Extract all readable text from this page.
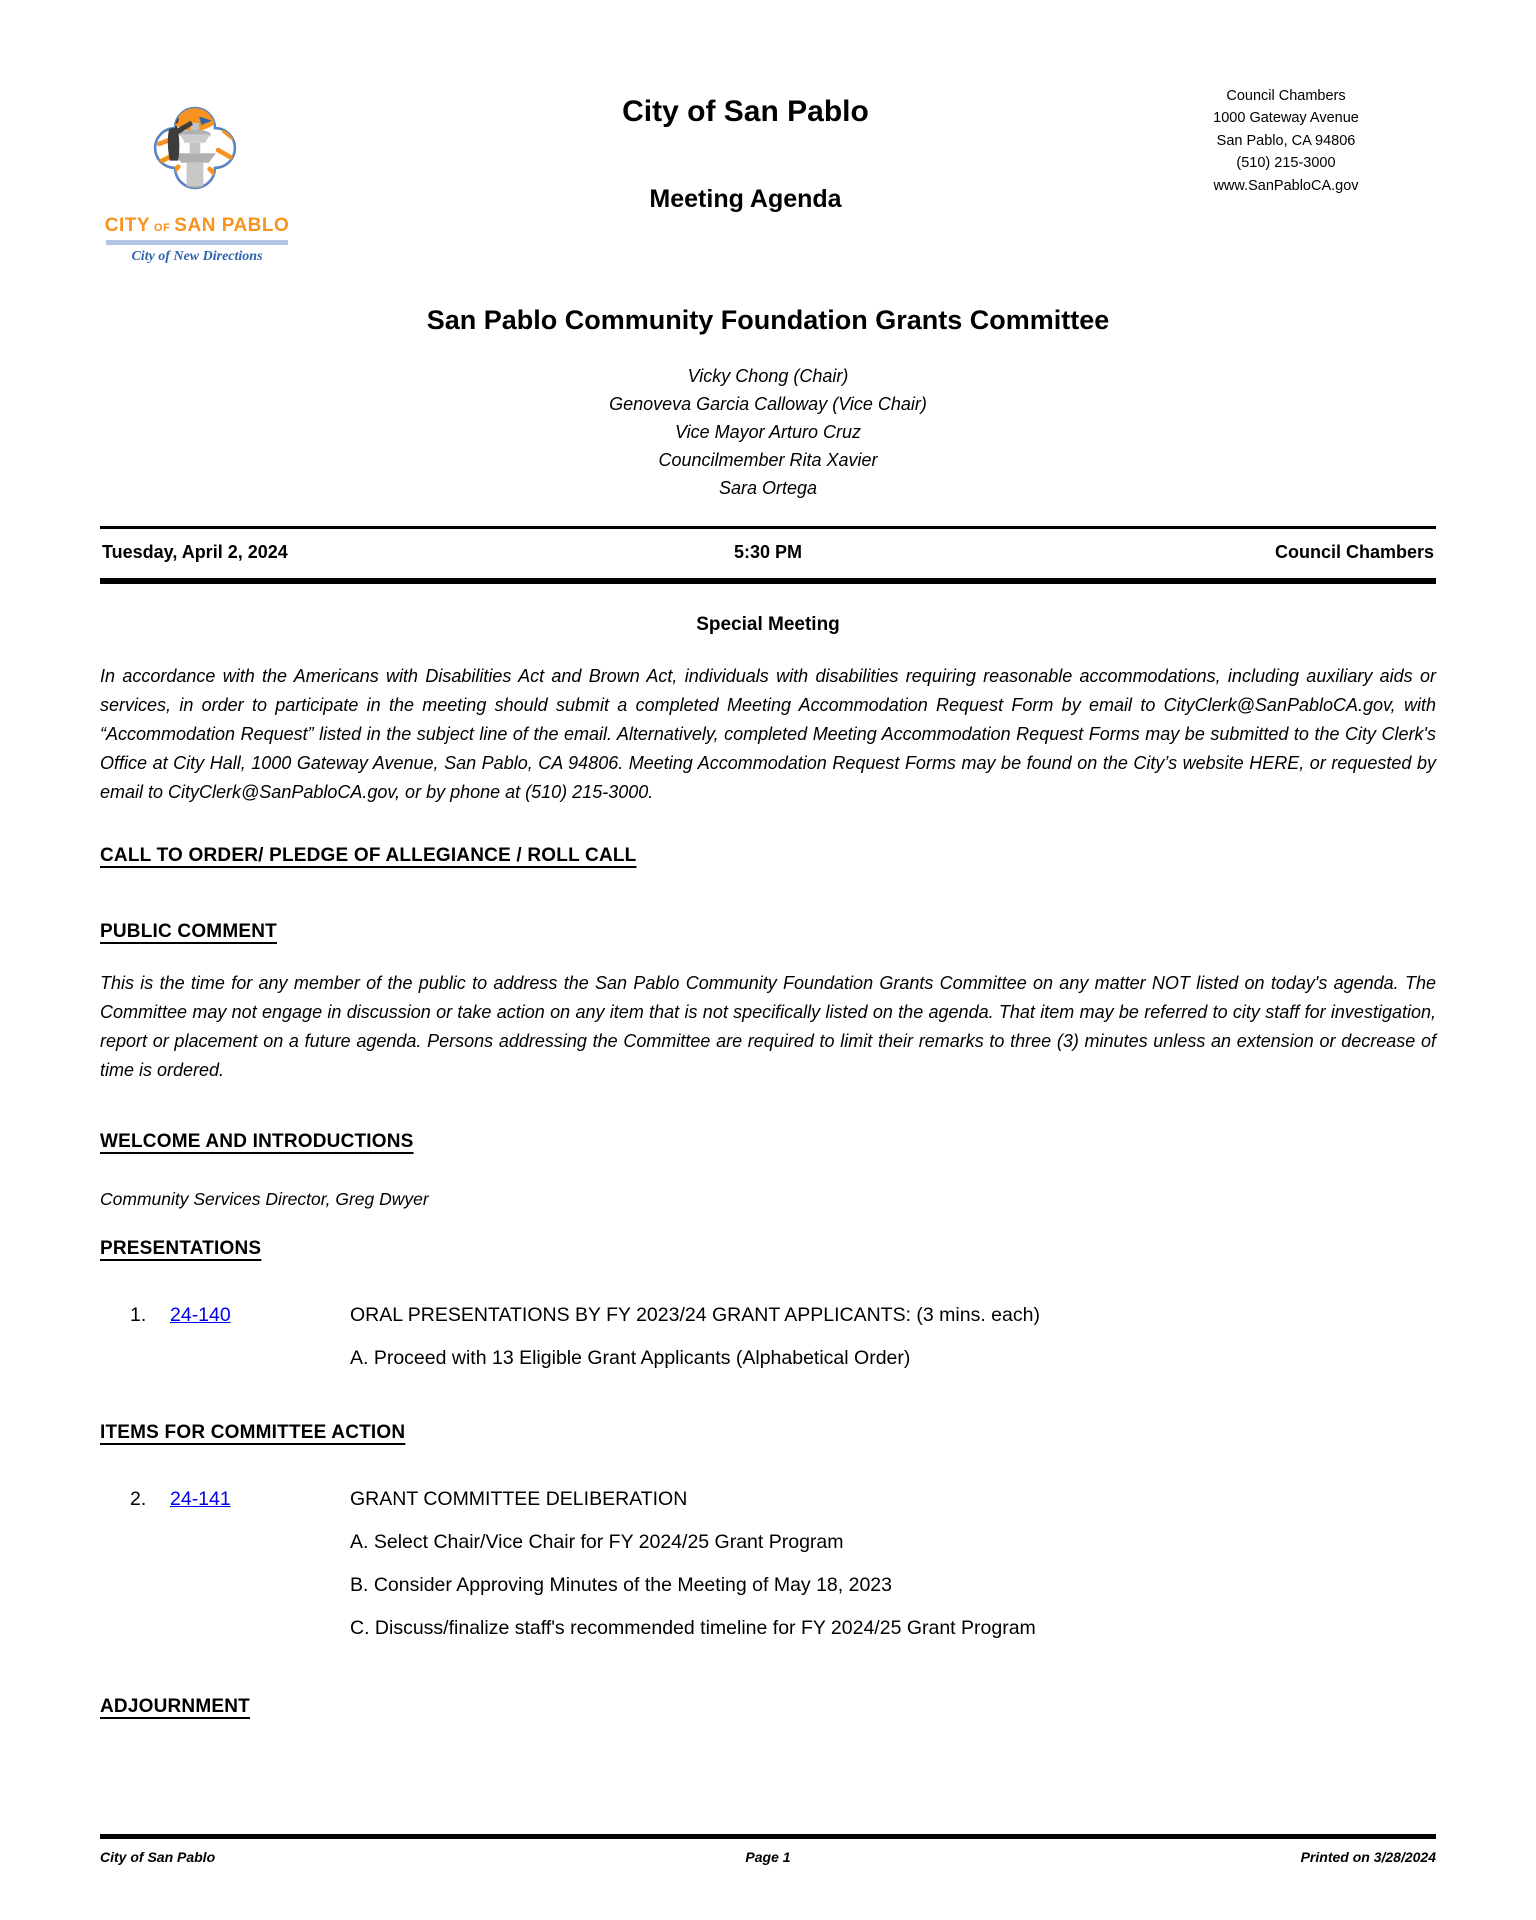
CITY OF SAN PABLO
City of New Directions
City of San Pablo
Meeting Agenda
Council Chambers
1000 Gateway Avenue
San Pablo, CA 94806
(510) 215-3000
www.SanPabloCA.gov
San Pablo Community Foundation Grants Committee
Vicky Chong (Chair)
Genoveva Garcia Calloway (Vice Chair)
Vice Mayor Arturo Cruz
Councilmember Rita Xavier
Sara Ortega
Tuesday, April 2, 2024	5:30 PM	Council Chambers
Special Meeting

In accordance with the Americans with Disabilities Act and Brown Act, individuals with disabilities requiring reasonable accommodations, including auxiliary aids or services, in order to participate in the meeting should submit a completed Meeting Accommodation Request Form by email to CityClerk@SanPabloCA.gov, with “Accommodation Request” listed in the subject line of the email. Alternatively, completed Meeting Accommodation Request Forms may be submitted to the City Clerk's Office at City Hall, 1000 Gateway Avenue, San Pablo, CA 94806. Meeting Accommodation Request Forms may be found on the City’s website HERE, or requested by email to CityClerk@SanPabloCA.gov, or by phone at (510) 215-3000.

CALL TO ORDER/ PLEDGE OF ALLEGIANCE / ROLL CALL
PUBLIC COMMENT

This is the time for any member of the public to address the San Pablo Community Foundation Grants Committee on any matter NOT listed on today's agenda. The Committee may not engage in discussion or take action on any item that is not specifically listed on the agenda. That item may be referred to city staff for investigation, report or placement on a future agenda. Persons addressing the Committee are required to limit their remarks to three (3) minutes unless an extension or decrease of time is ordered.

WELCOME AND INTRODUCTIONS
Community Services Director, Greg Dwyer
PRESENTATIONS
1.	24-140	ORAL PRESENTATIONS BY FY 2023/24 GRANT APPLICANTS: (3 mins. each)
A. Proceed with 13 Eligible Grant Applicants (Alphabetical Order)
ITEMS FOR COMMITTEE ACTION
2.	24-141	GRANT COMMITTEE DELIBERATION
A. Select Chair/Vice Chair for FY 2024/25 Grant Program
B. Consider Approving Minutes of the Meeting of May 18, 2023
C. Discuss/finalize staff's recommended timeline for FY 2024/25 Grant Program
ADJOURNMENT
City of San Pablo	Page 1	Printed on 3/28/2024
